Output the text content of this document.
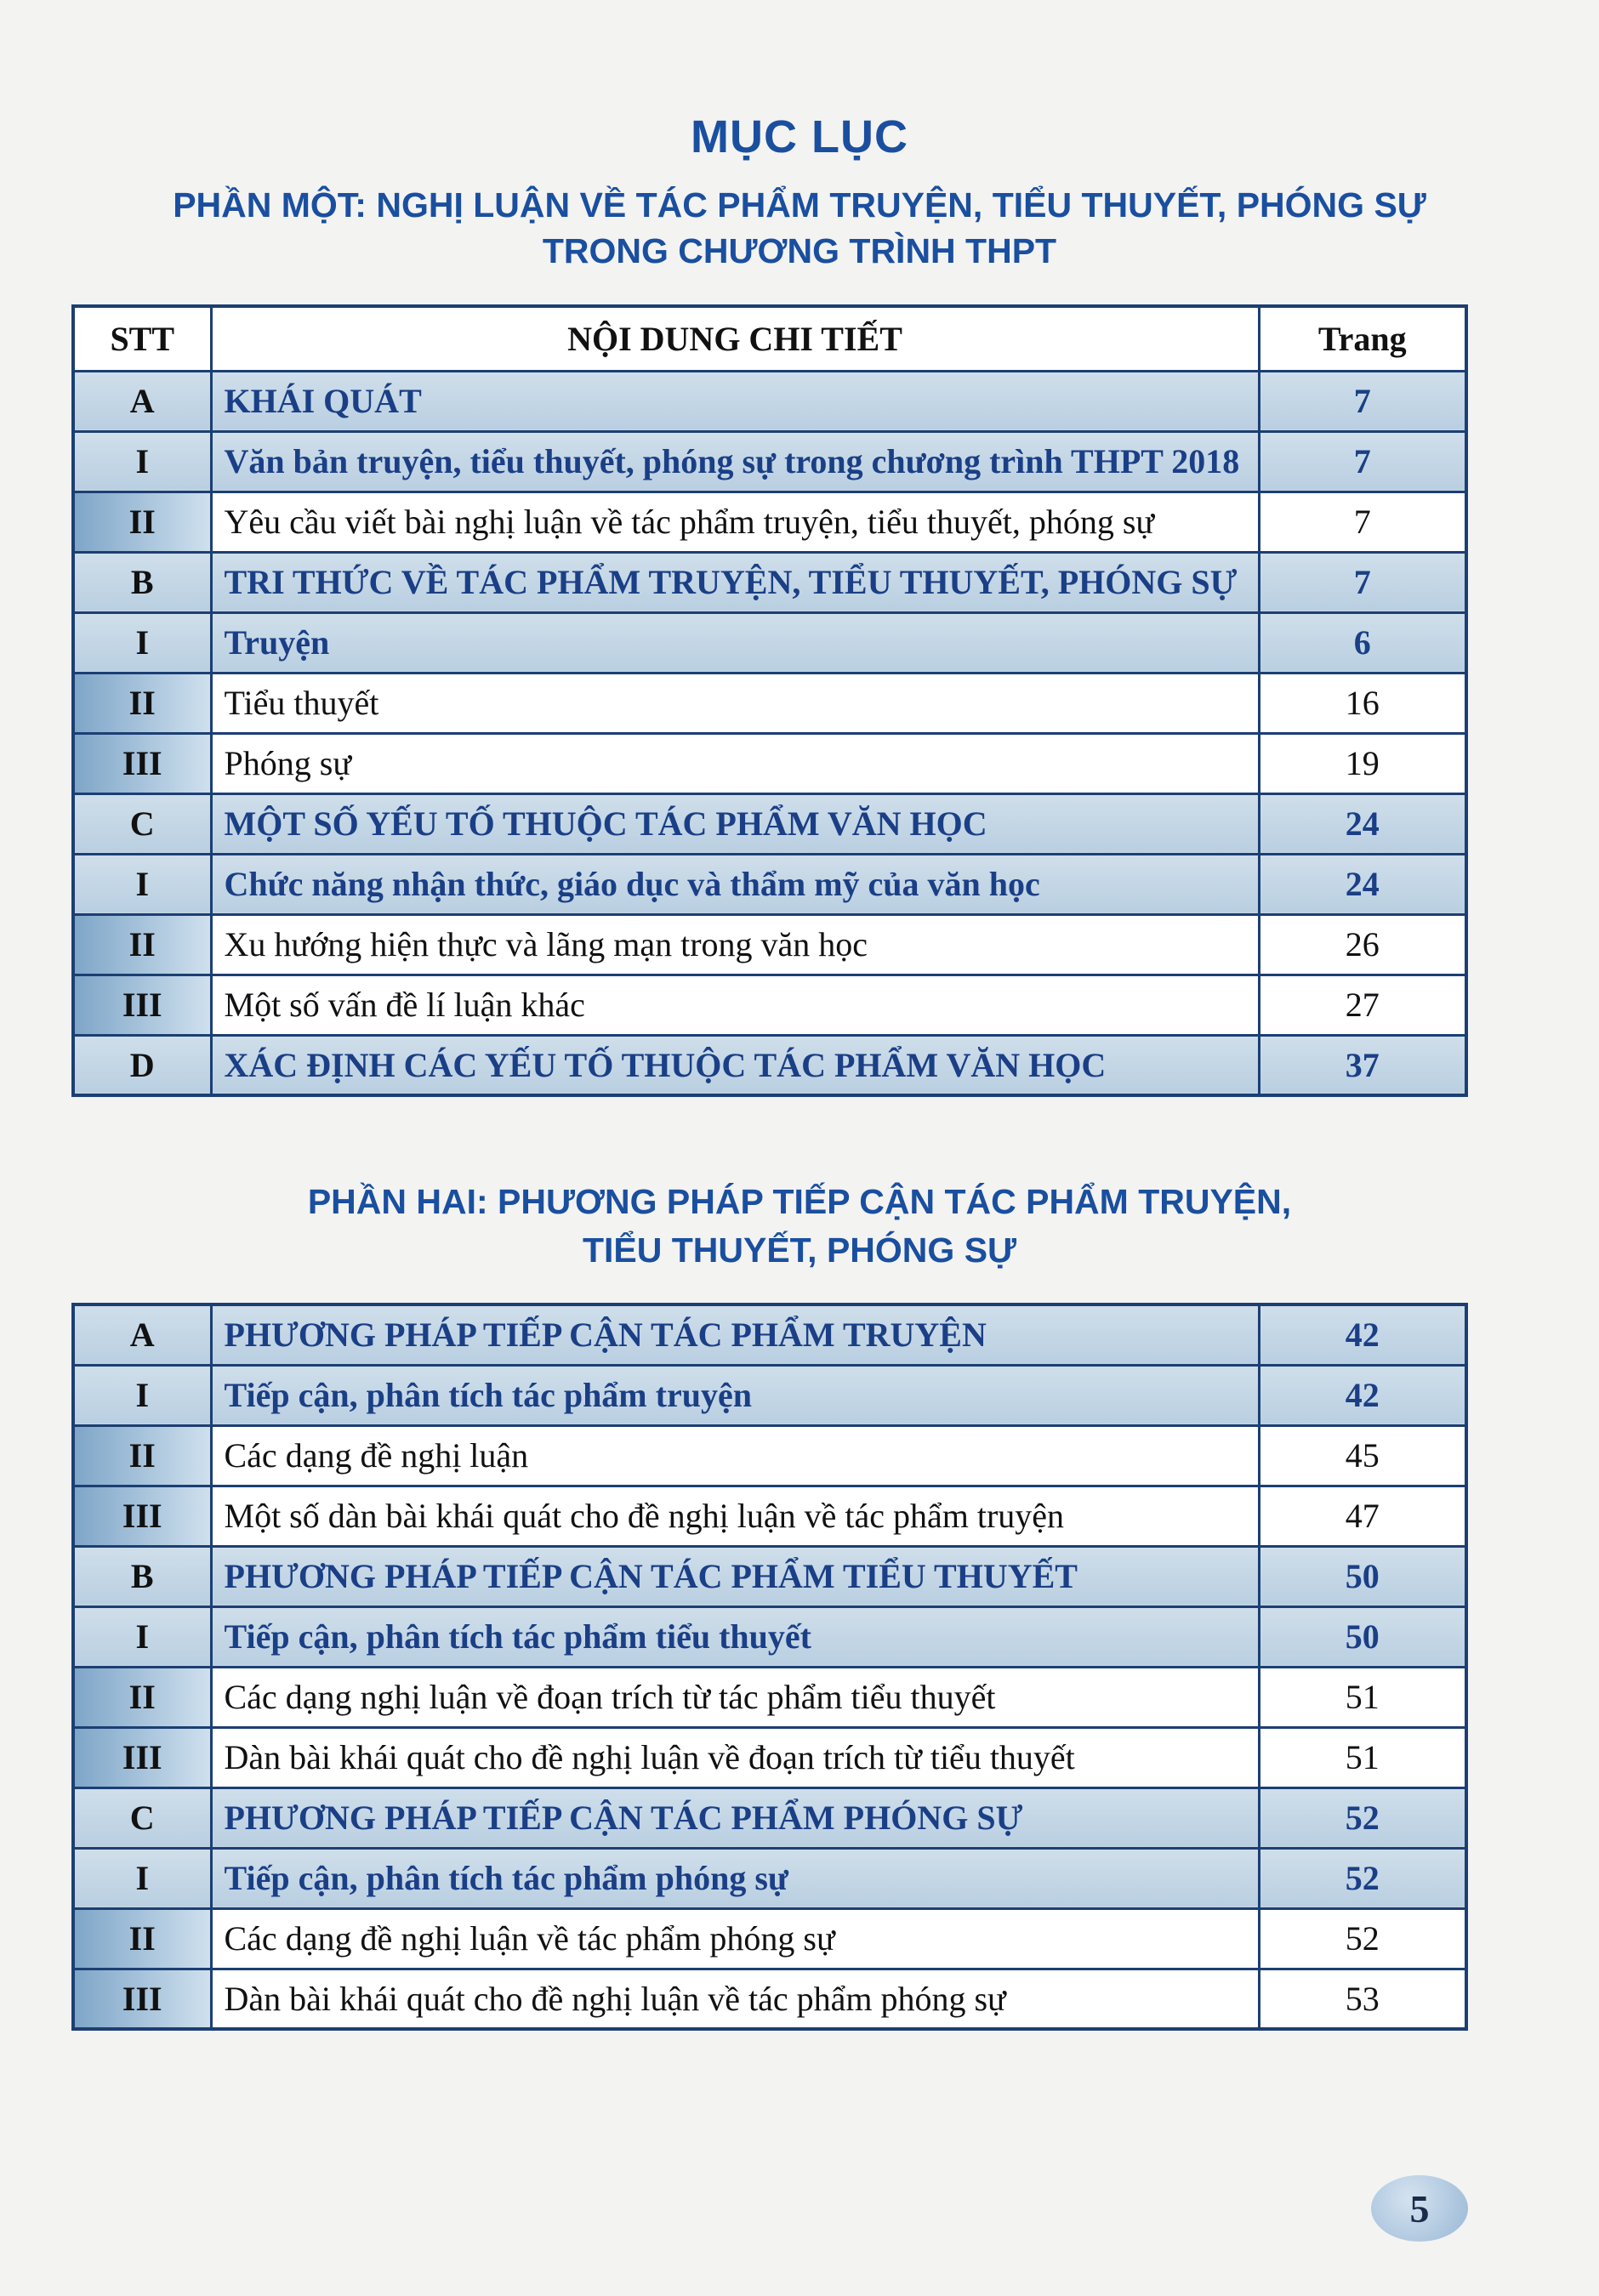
MỤC LỤC
PHẦN MỘT: NGHỊ LUẬN VỀ TÁC PHẨM TRUYỆN, TIỂU THUYẾT, PHÓNG SỰ
TRONG CHƯƠNG TRÌNH THPT
STT	NỘI DUNG CHI TIẾT	Trang
A	KHÁI QUÁT	7
I	Văn bản truyện, tiểu thuyết, phóng sự trong chương trình THPT 2018	7
II	Yêu cầu viết bài nghị luận về tác phẩm truyện, tiểu thuyết, phóng sự	7
B	TRI THỨC VỀ TÁC PHẨM TRUYỆN, TIỂU THUYẾT, PHÓNG SỰ	7
I	Truyện	6
II	Tiểu thuyết	16
III	Phóng sự	19
C	MỘT SỐ YẾU TỐ THUỘC TÁC PHẨM VĂN HỌC	24
I	Chức năng nhận thức, giáo dục và thẩm mỹ của văn học	24
II	Xu hướng hiện thực và lãng mạn trong văn học	26
III	Một số vấn đề lí luận khác	27
D	XÁC ĐỊNH CÁC YẾU TỐ THUỘC TÁC PHẨM VĂN HỌC	37
PHẦN HAI: PHƯƠNG PHÁP TIẾP CẬN TÁC PHẨM TRUYỆN,
TIỂU THUYẾT, PHÓNG SỰ
A	PHƯƠNG PHÁP TIẾP CẬN TÁC PHẨM TRUYỆN	42
I	Tiếp cận, phân tích tác phẩm truyện	42
II	Các dạng đề nghị luận	45
III	Một số dàn bài khái quát cho đề nghị luận về tác phẩm truyện	47
B	PHƯƠNG PHÁP TIẾP CẬN TÁC PHẨM TIỂU THUYẾT	50
I	Tiếp cận, phân tích tác phẩm tiểu thuyết	50
II	Các dạng nghị luận về đoạn trích từ tác phẩm tiểu thuyết	51
III	Dàn bài khái quát cho đề nghị luận về đoạn trích từ tiểu thuyết	51
C	PHƯƠNG PHÁP TIẾP CẬN TÁC PHẨM PHÓNG SỰ	52
I	Tiếp cận, phân tích tác phẩm phóng sự	52
II	Các dạng đề nghị luận về tác phẩm phóng sự	52
III	Dàn bài khái quát cho đề nghị luận về tác phẩm phóng sự	53
5
